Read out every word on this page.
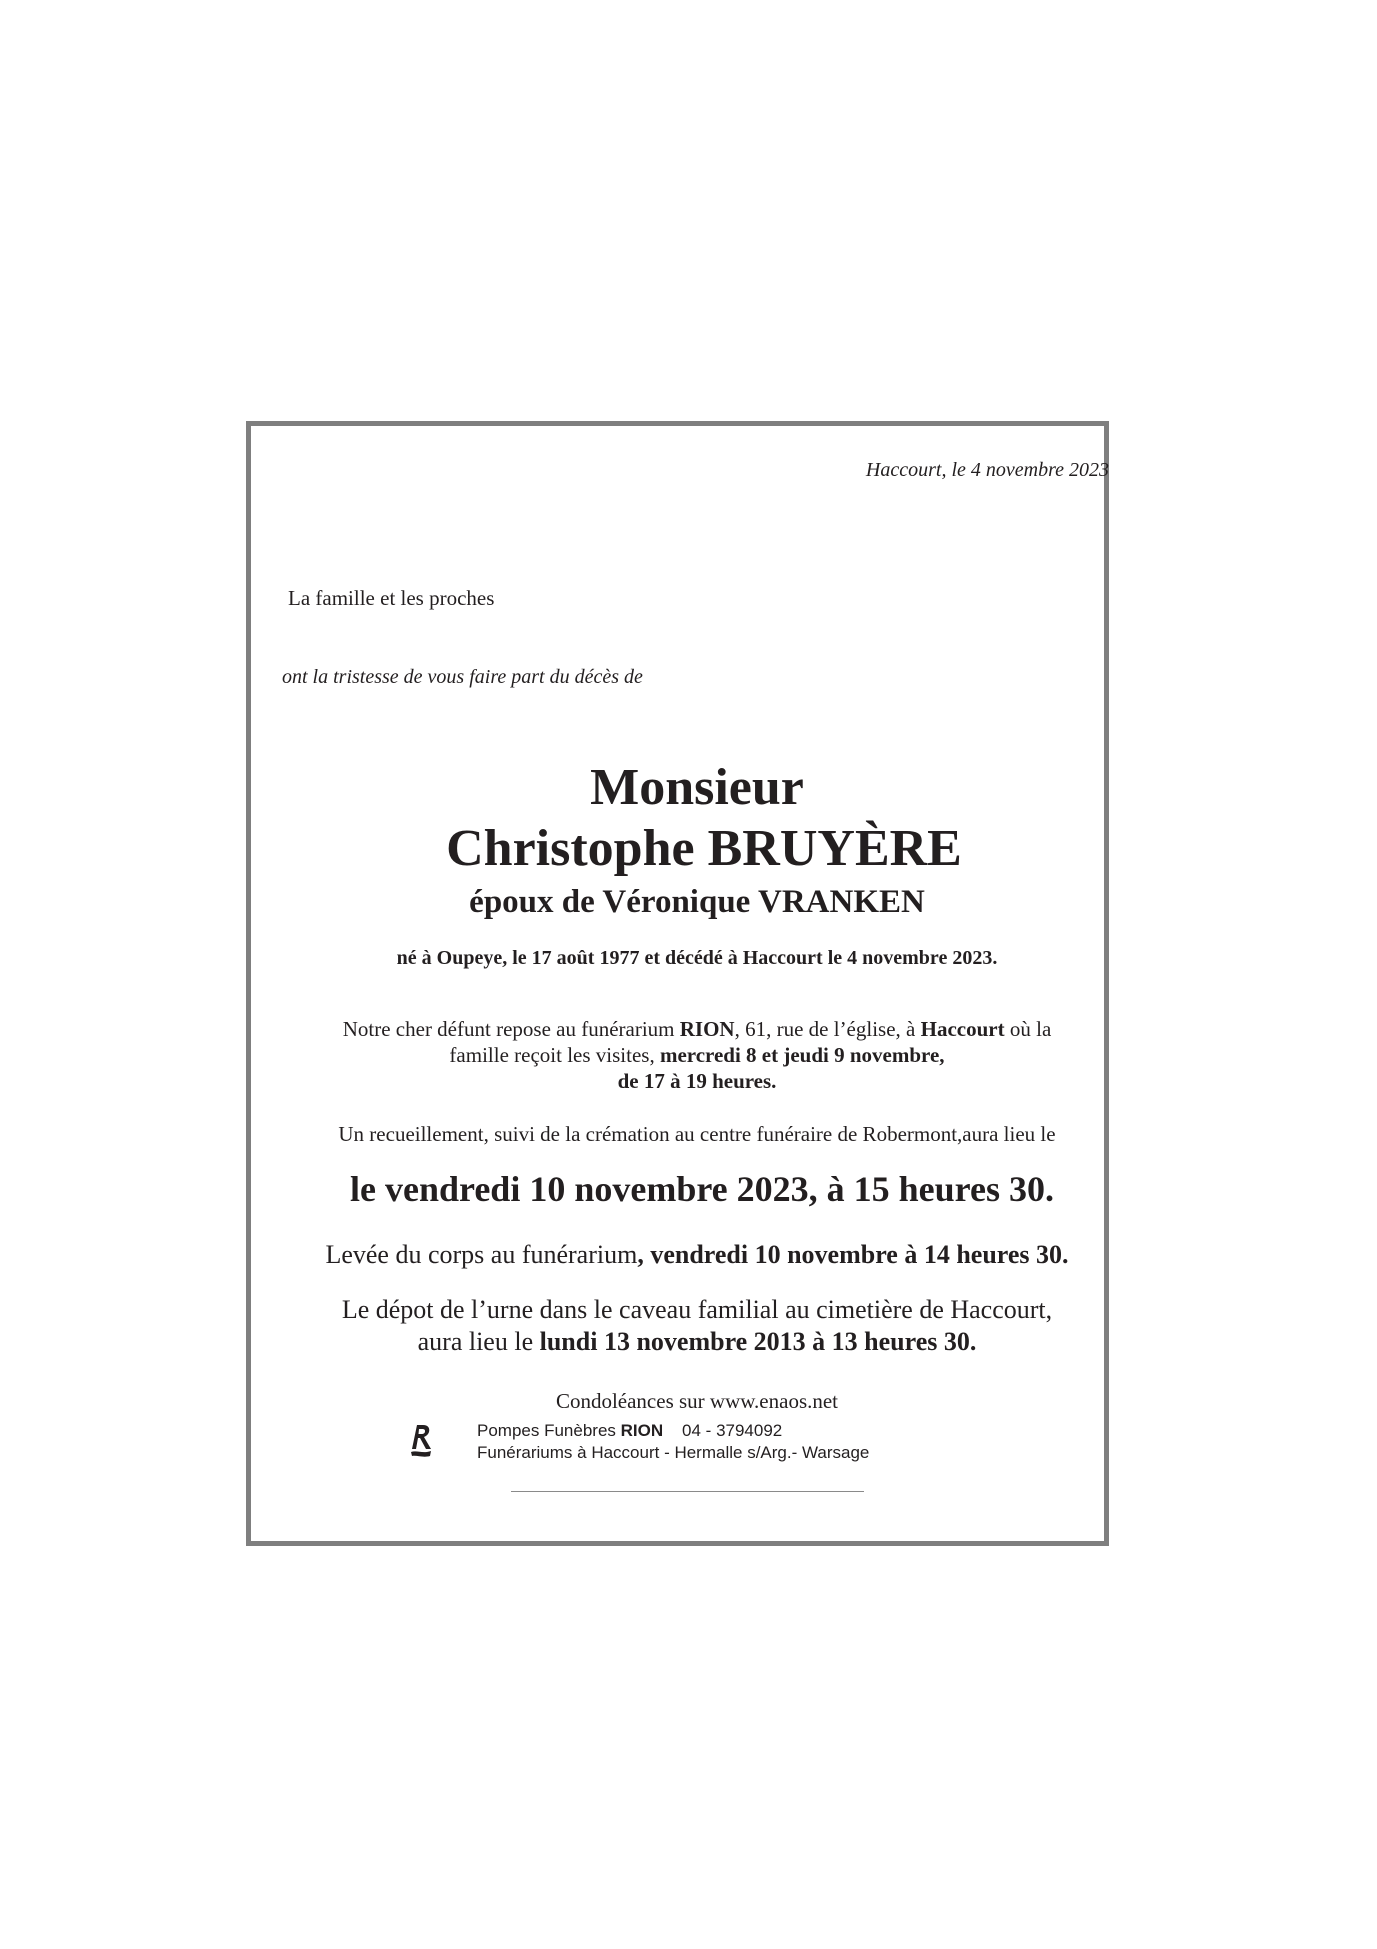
Haccourt, le 4 novembre 2023
La famille et les proches
ont la tristesse de vous faire part du décès de
Monsieur
Christophe BRUYÈRE
époux de Véronique VRANKEN
né à Oupeye, le 17 août 1977 et décédé à Haccourt le 4 novembre 2023.
Notre cher défunt repose au funérarium RION, 61, rue de l’église, à Haccourt où la
famille reçoit les visites, mercredi 8 et jeudi 9 novembre,
de 17 à 19 heures.
Un recueillement, suivi de la crémation au centre funéraire de Robermont,aura lieu le
le vendredi 10 novembre 2023, à 15 heures 30.
Levée du corps au funérarium, vendredi 10 novembre à 14 heures 30.
Le dépot de l’urne dans le caveau familial au cimetière de Haccourt,
aura lieu le lundi 13 novembre 2013 à 13 heures 30.
Condoléances sur www.enaos.net
Pompes Funèbres RION 04 - 3794092
Funérariums à Haccourt - Hermalle s/Arg.- Warsage
